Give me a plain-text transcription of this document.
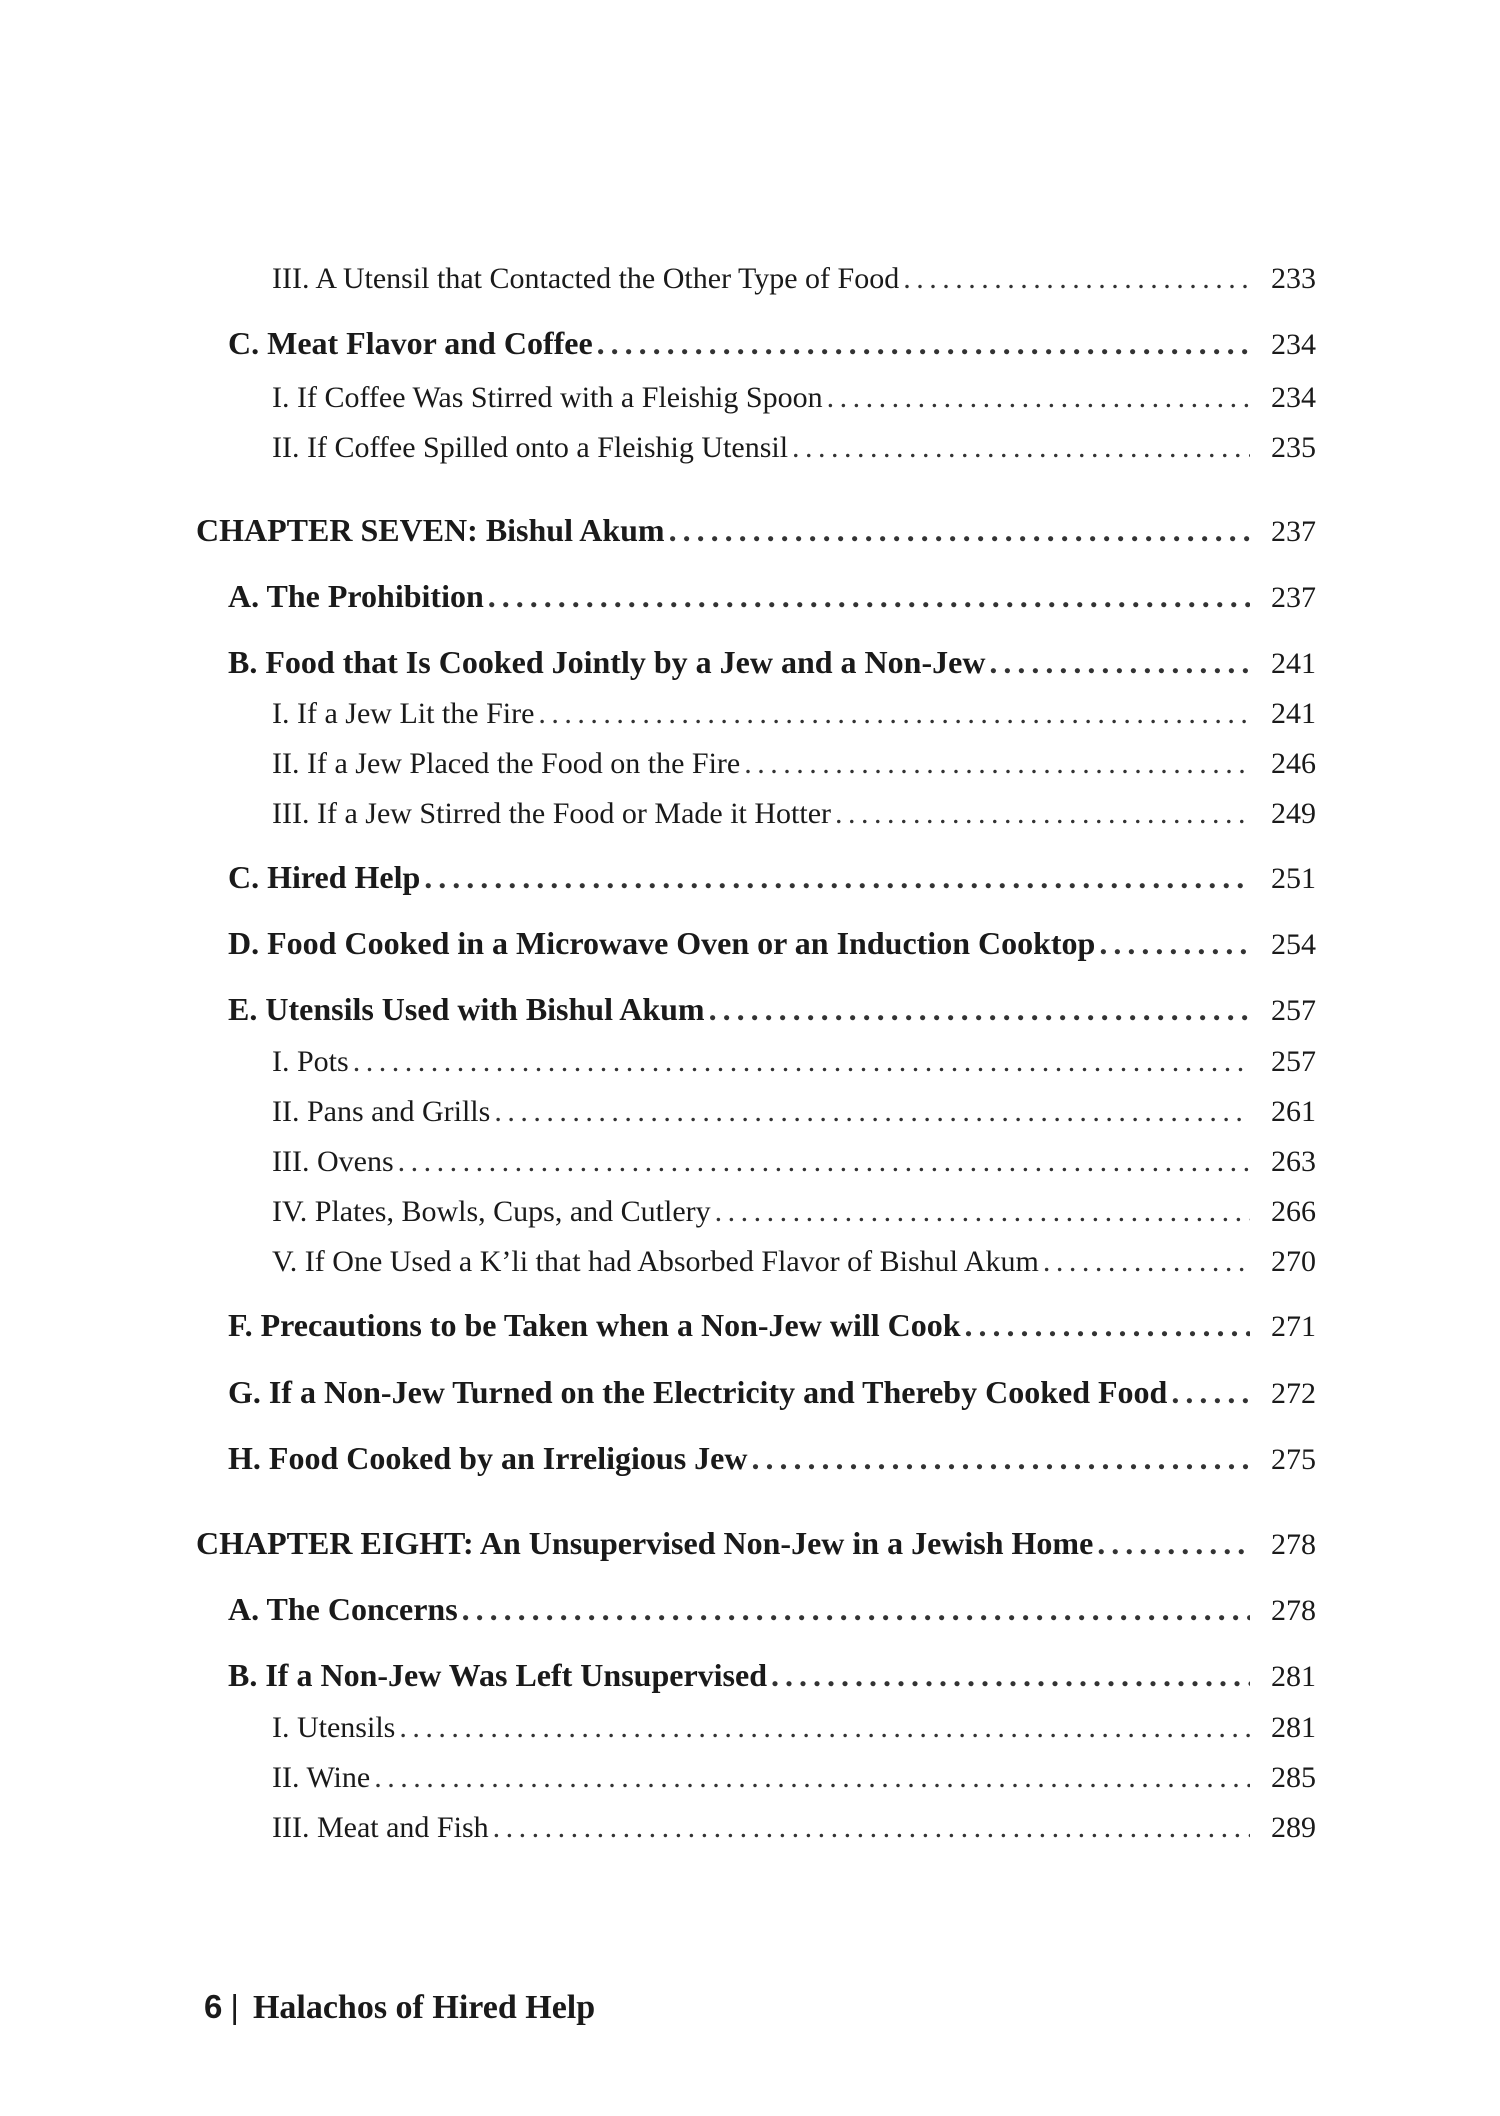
III. A Utensil that Contacted the Other Type of Food . . .	233
C. Meat Flavor and Coffee . . .	234
I. If Coffee Was Stirred with a Fleishig Spoon . . .	234
II. If Coffee Spilled onto a Fleishig Utensil . . .	235
CHAPTER SEVEN: Bishul Akum . . .	237
A. The Prohibition . . .	237
B. Food that Is Cooked Jointly by a Jew and a Non-Jew . . .	241
I. If a Jew Lit the Fire . . .	241
II. If a Jew Placed the Food on the Fire . . .	246
III. If a Jew Stirred the Food or Made it Hotter . . .	249
C. Hired Help . . .	251
D. Food Cooked in a Microwave Oven or an Induction Cooktop . . .	254
E. Utensils Used with Bishul Akum . . .	257
I. Pots . . .	257
II. Pans and Grills . . .	261
III. Ovens . . .	263
IV. Plates, Bowls, Cups, and Cutlery . . .	266
V. If One Used a K’li that had Absorbed Flavor of Bishul Akum . . .	270
F. Precautions to be Taken when a Non-Jew will Cook . . .	271
G. If a Non-Jew Turned on the Electricity and Thereby Cooked Food . . .	272
H. Food Cooked by an Irreligious Jew . . .	275
CHAPTER EIGHT: An Unsupervised Non-Jew in a Jewish Home . . .	278
A. The Concerns . . .	278
B. If a Non-Jew Was Left Unsupervised . . .	281
I. Utensils . . .	281
II. Wine . . .	285
III. Meat and Fish . . .	289
6 | Halachos of Hired Help
